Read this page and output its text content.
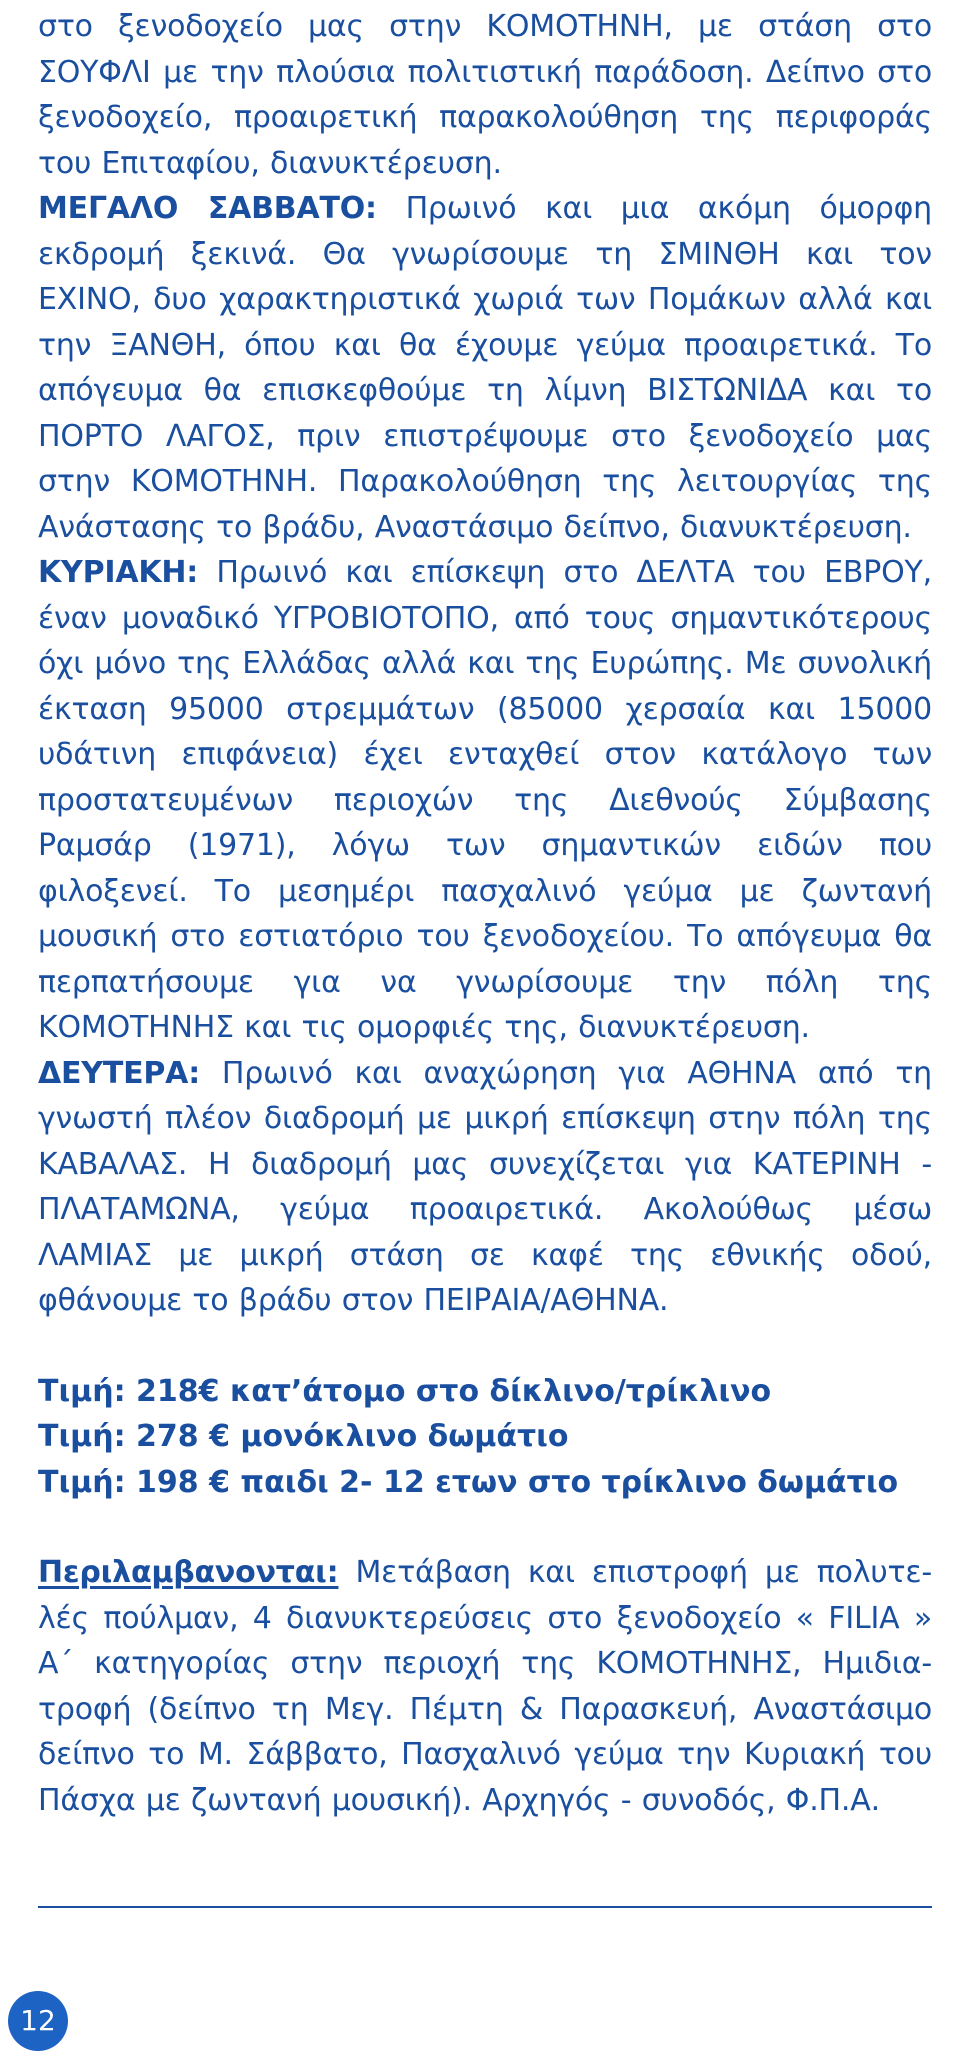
στο ξενοδοχείο μας στην ΚΟΜΟΤΗΝΗ, με στάση στο ΣΟΥΦΛΙ με την πλούσια πολιτιστική παράδοση. Δείπνο στο ξενοδοχείο, προαιρετική παρακολούθηση της περιφοράς του Επιταφίου, διανυκτέρευση.

ΜΕΓΑΛΟ ΣΑΒΒΑΤΟ: Πρωινό και μια ακόμη όμορφη εκδρομή ξεκινά. Θα γνωρίσουμε τη ΣΜΙΝΘΗ και τον ΕΧΙΝΟ, δυο χαρακτηριστικά χωριά των Πομάκων αλλά και την ΞΑΝΘΗ, όπου και θα έχουμε γεύμα προαιρετικά. Το απόγευμα θα επισκεφθούμε τη λίμνη ΒΙΣΤΩΝΙΔΑ και το ΠΟΡΤΟ ΛΑΓΟΣ, πριν επιστρέψουμε στο ξενοδοχείο μας στην ΚΟΜΟΤΗΝΗ. Παρακολούθηση της λειτουργίας της Ανάστασης το βράδυ, Αναστάσιμο δείπνο, διανυκτέρευση.

ΚΥΡΙΑΚΗ: Πρωινό και επίσκεψη στο ΔΕΛΤΑ του ΕΒΡΟΥ, έναν μοναδικό ΥΓΡΟΒΙΟΤΟΠΟ, από τους σημαντικότερους όχι μόνο της Ελλάδας αλλά και της Ευρώπης. Με συνολική έκταση 95000 στρεμμάτων (85000 χερσαία και 15000 υδάτινη επιφάνεια) έχει ενταχθεί στον κατάλογο των προστατευμένων περιοχών της Διεθνούς Σύμβασης Ραμσάρ (1971), λόγω των σημαντικών ειδών που φιλοξενεί. Το μεσημέρι πασχαλινό γεύμα με ζωντανή μουσική στο εστιατόριο του ξενοδοχείου. Το απόγευμα θα περπατήσουμε για να γνωρίσουμε την πόλη της ΚΟΜΟΤΗΝΗΣ και τις ομορφιές της, διανυκτέρευση.

ΔΕΥΤΕΡΑ: Πρωινό και αναχώρηση για ΑΘΗΝΑ από τη γνωστή πλέον διαδρομή με μικρή επίσκεψη στην πόλη της ΚΑΒΑΛΑΣ. Η διαδρομή μας συνεχίζεται για ΚΑΤΕΡΙΝΗ - ΠΛΑΤΑΜΩΝΑ, γεύμα προαιρετικά. Ακολούθως μέσω ΛΑΜΙΑΣ με μικρή στάση σε καφέ της εθνικής οδού, φθάνουμε το βράδυ στον ΠΕΙΡΑΙΑ/ΑΘΗΝΑ.

Τιμή: 218€ κατ’άτομο στο δίκλινο/τρίκλινο
Τιμή: 278 € μονόκλινο δωμάτιο
Τιμή: 198 € παιδι 2- 12 ετων στο τρίκλινο δωμάτιο

Περιλαμβανονται: Μετάβαση και επιστροφή με πολυτε-λές πούλμαν, 4 διανυκτερεύσεις στο ξενοδοχείο « FILIA » Α΄ κατηγορίας στην περιοχή της ΚΟΜΟΤΗΝΗΣ, Ημιδια-τροφή (δείπνο τη Μεγ. Πέμτη & Παρασκευή, Αναστάσιμο δείπνο το Μ. Σάββατο, Πασχαλινό γεύμα την Κυριακή του Πάσχα με ζωντανή μουσική). Αρχηγός - συνοδός, Φ.Π.Α.

12
